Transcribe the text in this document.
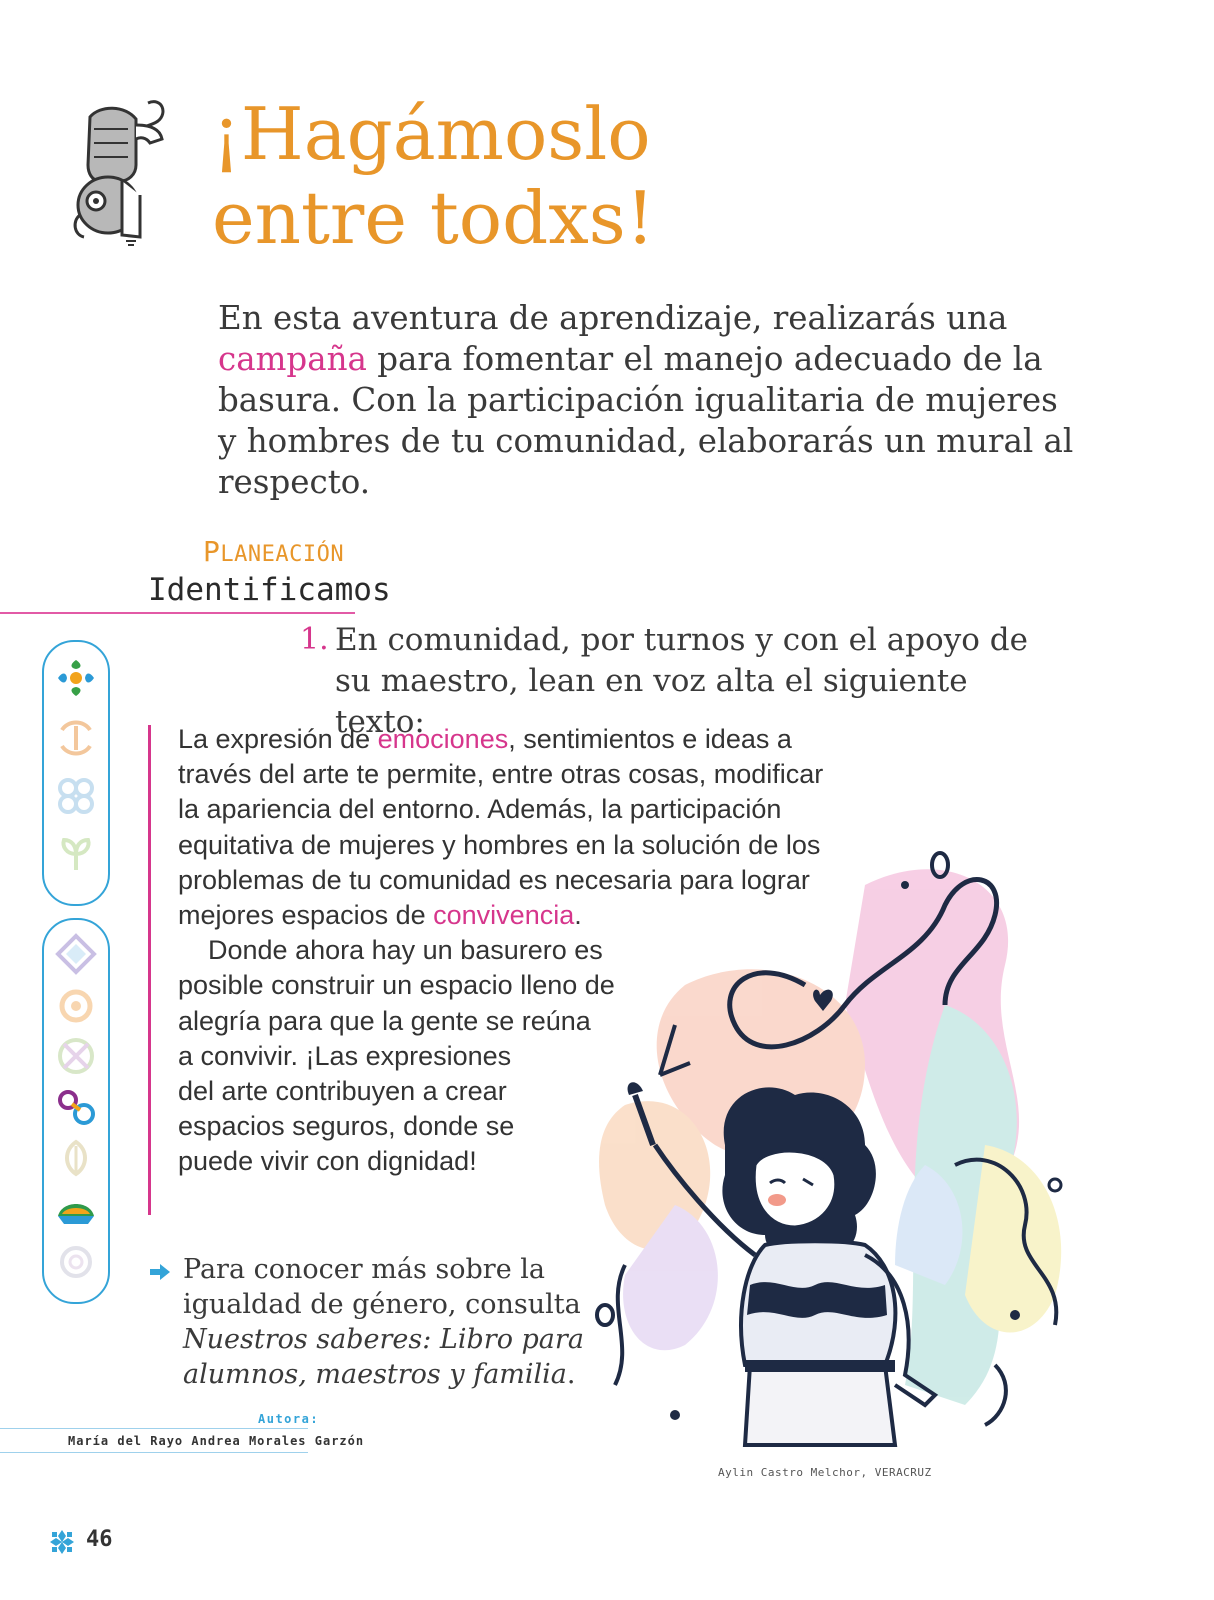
¡Hagámoslo
entre todxs!
En esta aventura de aprendizaje, realizarás una campaña para fomentar el manejo adecuado de la basura. Con la participación igualitaria de mujeres y hombres de tu comunidad, elaborarás un mural al respecto.
PLANEACIÓN
Identificamos
1. En comunidad, por turnos y con el apoyo de su maestro, lean en voz alta el siguiente texto:

La expresión de emociones, sentimientos e ideas a través del arte te permite, entre otras cosas, modificar la apariencia del entorno. Además, la participación equitativa de mujeres y hombres en la solución de los problemas de tu comunidad es necesaria para lograr mejores espacios de convivencia.

Donde ahora hay un basurero es
posible construir un espacio lleno de
alegría para que la gente se reúna
a convivir. ¡Las expresiones
del arte contribuyen a crear
espacios seguros, donde se
puede vivir con dignidad!

Para conocer más sobre la igualdad de género, consulta Nuestros saberes: Libro para alumnos, maestros y familia.
Autora:
María del Rayo Andrea Morales Garzón
Aylin Castro Melchor, VERACRUZ
46
